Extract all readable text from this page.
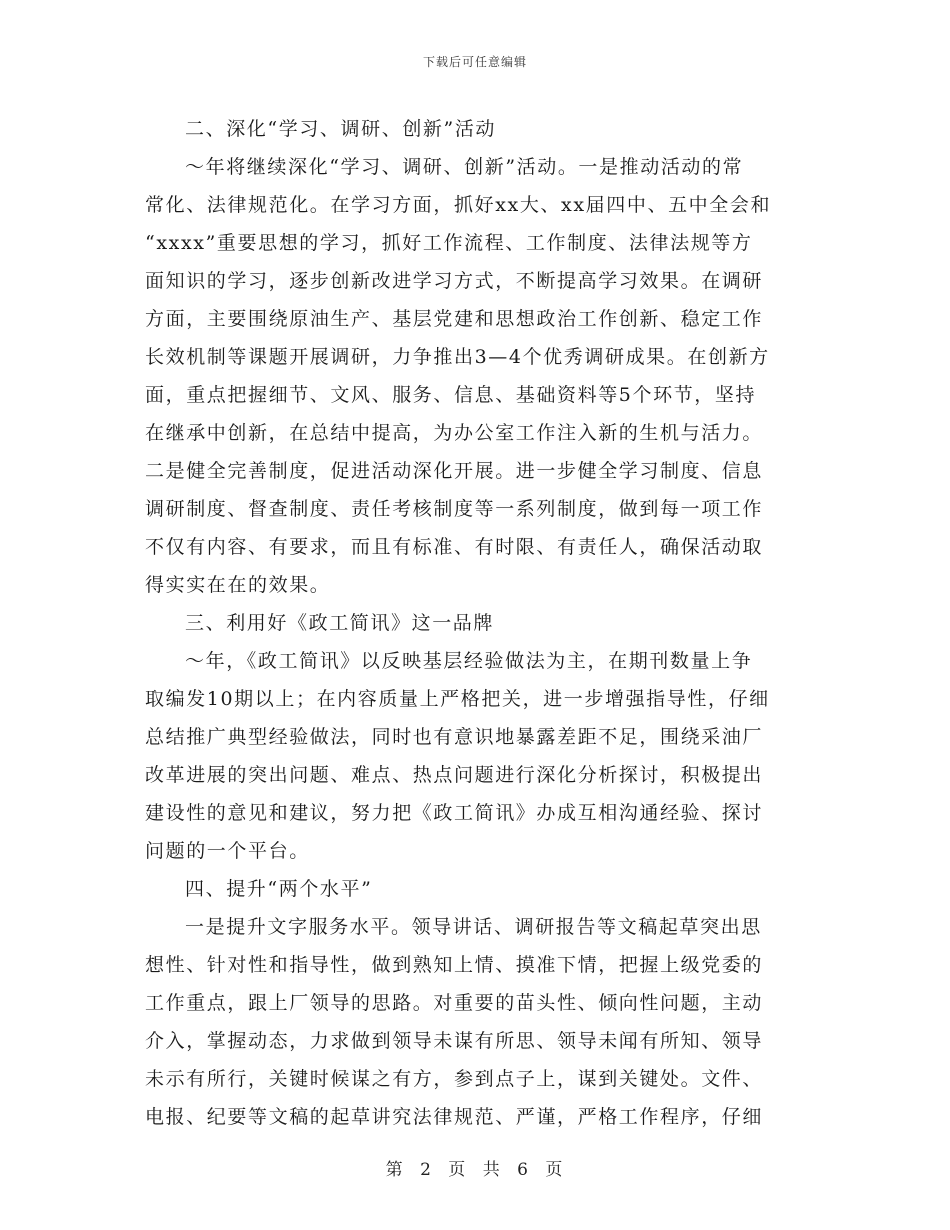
下载后可任意编辑
二、深化“学习、调研、创新”活动
～年将继续深化“学习、调研、创新”活动。一是推动活动的常
常化、法律规范化。在学习方面，抓好xx大、xx届四中、五中全会和
“xxxx”重要思想的学习，抓好工作流程、工作制度、法律法规等方
面知识的学习，逐步创新改进学习方式，不断提高学习效果。在调研
方面，主要围绕原油生产、基层党建和思想政治工作创新、稳定工作
长效机制等课题开展调研，力争推出3—4个优秀调研成果。在创新方
面，重点把握细节、文风、服务、信息、基础资料等5个环节，坚持
在继承中创新，在总结中提高，为办公室工作注入新的生机与活力。
二是健全完善制度，促进活动深化开展。进一步健全学习制度、信息
调研制度、督查制度、责任考核制度等一系列制度，做到每一项工作
不仅有内容、有要求，而且有标准、有时限、有责任人，确保活动取
得实实在在的效果。
三、利用好《政工简讯》这一品牌
～年，《政工简讯》以反映基层经验做法为主，在期刊数量上争
取编发10期以上；在内容质量上严格把关，进一步增强指导性，仔细
总结推广典型经验做法，同时也有意识地暴露差距不足，围绕采油厂
改革进展的突出问题、难点、热点问题进行深化分析探讨，积极提出
建设性的意见和建议，努力把《政工简讯》办成互相沟通经验、探讨
问题的一个平台。
四、提升“两个水平”
一是提升文字服务水平。领导讲话、调研报告等文稿起草突出思
想性、针对性和指导性，做到熟知上情、摸准下情，把握上级党委的
工作重点，跟上厂领导的思路。对重要的苗头性、倾向性问题，主动
介入，掌握动态，力求做到领导未谋有所思、领导未闻有所知、领导
未示有所行，关键时候谋之有方，参到点子上，谋到关键处。文件、
电报、纪要等文稿的起草讲究法律规范、严谨，严格工作程序，仔细
第 2 页 共 6 页
